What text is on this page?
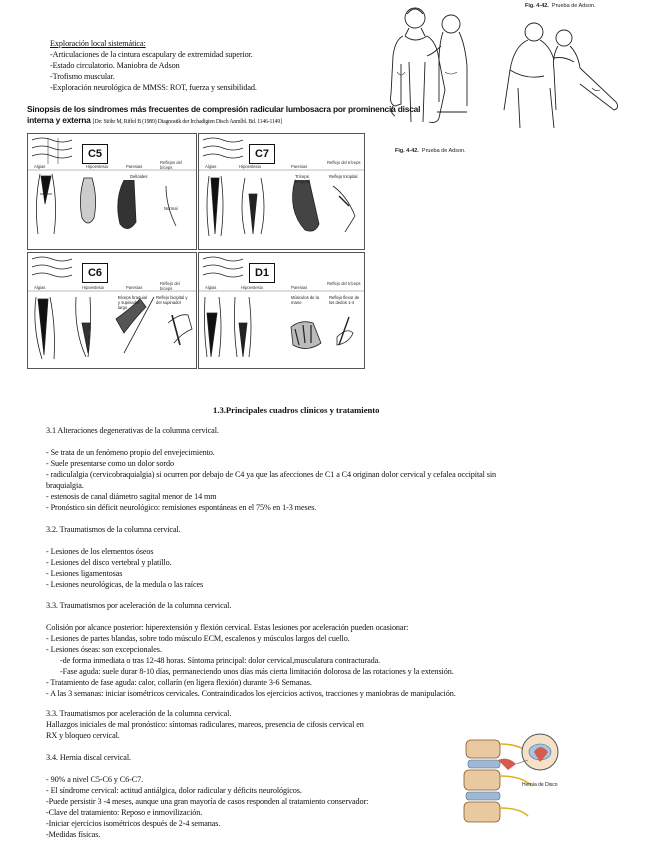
Exploración local sistemática:
-Articulaciones de la cintura escapulary de extremidad superior.
-Estado circulatorio. Maniobra de Adson
-Trofismo muscular.
-Exploración neurológica de MMSS: ROT, fuerza y sensibilidad.
Fig. 4-42. Prueba de Adson.
Fig. 4-42. Prueba de Adson.
Sinopsis de los síndromes más frecuentes de compresión radicular lumbosacra por prominencia discal
interna y externa [De: Stöhr M, Riffel B (1989) Diagnostik der Irchadigten Disch Anmlbl. Bd. 1146-1149]
C5
Algias	Hipoestesia	Paresias
Reflejos del bíceps
Deltoides
Normal
C7
Algias	Hipoestesia	Paresias
Reflejo del tríceps
Tríceps braquial
Reflejo tricipital
C6
Algias	Hipoestesia	Paresias
Reflejo del bíceps
Bíceps braquial y supinador largo
Reflejo bicipital y del supinador
D1
Algias	Hipoestesia	Paresias
Reflejo del tríceps
Músculos de la mano
Reflejo flexor de los dedos 1-4
1.3.Principales cuadros clínicos y tratamiento
3.1 Alteraciones degenerativas de la columna cervical.
- Se trata de un fenómeno propio del envejecimiento.
- Suele presentarse como un dolor sordo
- radiculalgia (cervicobraquialgia) si ocurren por debajo de C4 ya que las afecciones de C1 a C4 originan dolor cervical y cefalea occipital sin
braquialgia.
- estenosis de canal diámetro sagital menor de 14 mm
- Pronóstico sin déficit neurológico: remisiones espontáneas en el 75% en 1-3 meses.
3.2. Traumatismos de la columna cervical.
- Lesiones de los elementos óseos
- Lesiones del disco vertebral y platillo.
- Lesiones ligamentosas
- Lesiones neurológicas, de la medula o las raíces
3.3. Traumatismos por aceleración de la columna cervical.
Colisión por alcance posterior: hiperextensión y flexión cervical. Estas lesiones por aceleración pueden ocasionar:
- Lesiones de partes blandas, sobre todo músculo ECM, escalenos y músculos largos del cuello.
- Lesiones óseas: son excepcionales.
-de forma inmediata o tras 12-48 horas. Síntoma principal: dolor cervical,musculatura contracturada.
-Fase aguda: suele durar 8-10 días, permaneciendo unos días más cierta limitación dolorosa de las rotaciones y la extensión.
- Tratamiento de fase aguda: calor, collarín (en ligera flexión) durante 3-6 Semanas.
- A las 3 semanas: iniciar isométricos cervicales. Contraindicados los ejercicios activos, tracciones y maniobras de manipulación.
3.3. Traumatismos por aceleración de la columna cervical.
Hallazgos iniciales de mal pronóstico: síntomas radiculares, mareos, presencia de cifosis cervical en
RX y bloqueo cervical.
3.4. Hernia discal cervical.
- 90% a nivel C5-C6 y C6-C7.
- El síndrome cervical: actitud antiálgica, dolor radicular y déficits neurológicos.
-Puede persistir 3 -4 meses, aunque una gran mayoría de casos responden al tratamiento conservador:
-Clave del tratamiento: Reposo e inmovilización.
-Iniciar ejercicios isométricos después de 2-4 semanas.
-Medidas físicas.
Hernia de Disco
